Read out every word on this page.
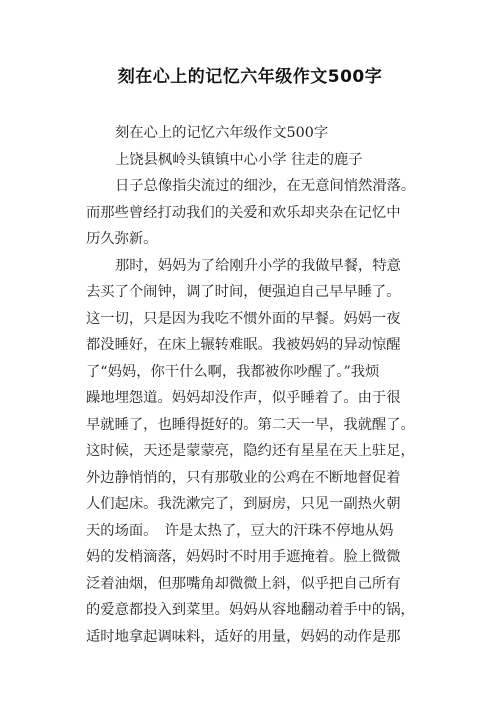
刻在心上的记忆六年级作文500字
刻在心上的记忆六年级作文500字
上饶县枫岭头镇镇中心小学 往走的鹿子
日子总像指尖流过的细沙，在无意间悄然滑落。
而那些曾经打动我们的关爱和欢乐却夹杂在记忆中
历久弥新。
那时，妈妈为了给刚升小学的我做早餐，特意
去买了个闹钟，调了时间，便强迫自己早早睡了。
这一切，只是因为我吃不惯外面的早餐。妈妈一夜
都没睡好，在床上辗转难眠。我被妈妈的异动惊醒
了“妈妈，你干什么啊，我都被你吵醒了。”我烦
躁地埋怨道。妈妈却没作声，似乎睡着了。由于很
早就睡了，也睡得挺好的。第二天一早，我就醒了。
这时候，天还是蒙蒙亮，隐约还有星星在天上驻足，
外边静悄悄的，只有那敬业的公鸡在不断地督促着
人们起床。我洗漱完了，到厨房，只见一副热火朝
天的场面。　许是太热了，豆大的汗珠不停地从妈
妈的发梢滴落，妈妈时不时用手遮掩着。脸上微微
泛着油烟，但那嘴角却微微上斜，似乎把自己所有
的爱意都投入到菜里。妈妈从容地翻动着手中的锅，
适时地拿起调味料，适好的用量，妈妈的动作是那
